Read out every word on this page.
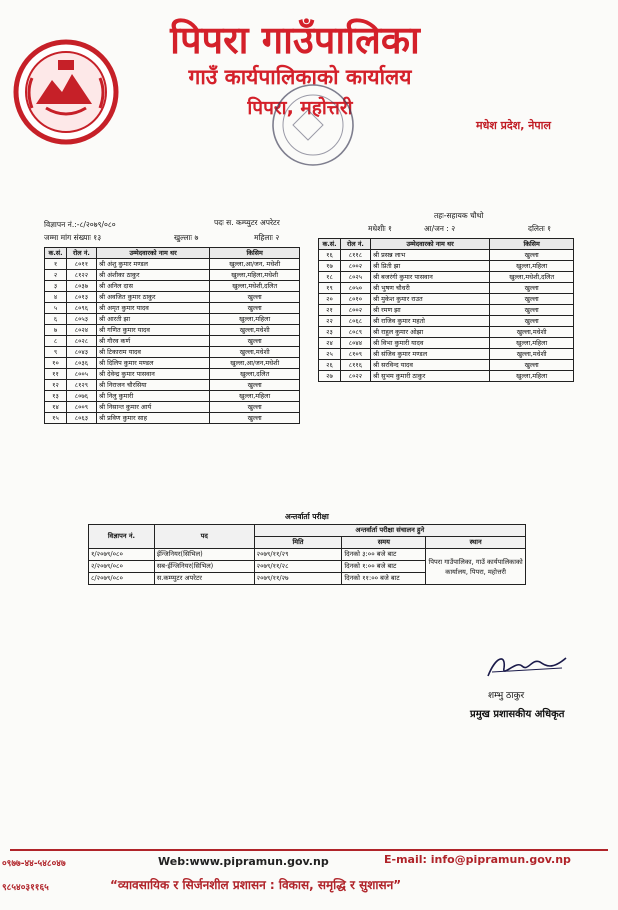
पिपरा गाउँपालिका
गाउँ कार्यपालिकाको कार्यालय
पिपरा, महोत्तरी
मधेश प्रदेश, नेपाल
विज्ञापन नं.:-८/२०७९/०८०	पदः स. कम्प्युटर अपरेटर
जम्मा मांग संख्याः १३	खुल्लाः ७	महिलाः २
तहः-सहायक चौथो
मधेशीः १	आ/जन : २	दलितः १
क.सं.	रोल नं.	उम्मेदवारको नाम थर	किसिम
१	८०११	श्री अंशु कुमार मण्डल	खुल्ला,आ/जन, मधेशी
२	८१२२	श्री अंशीका ठाकुर	खुल्ला,महिला,मधेशी
३	८०३७	श्री अनिल दास	खुल्ला,मधेशी,दलित
४	८०१३	श्री अवजित कुमार ठाकुर	खुल्ला
५	८०९६	श्री अमृत कुमार यादव	खुल्ला
६	८०५३	श्री आरती झा	खुल्ला,महिला
७	८०२४	श्री गणित कुमार यादव	खुल्ला,मधेशी
८	८०२८	श्री गौरव कर्ण	खुल्ला
९	८०४३	श्री टिकाराम यादव	खुल्ला,मधेशी
१०	८०३६	श्री दिलिप कुमार मण्डल	खुल्ला,आ/जन,मधेशी
११	८००५	श्री देवेन्द्र कुमार पासवान	खुल्ला,दलित
१२	८१२९	श्री निराजन चौरसिया	खुल्ला
१३	८०७६	श्री निलु कुमारी	खुल्ला,महिला
१४	८००९	श्री निसान्त कुमार आर्य	खुल्ला
१५	८०६३	श्री प्रविण कुमार साह	खुल्ला
क.सं.	रोल नं.	उम्मेदवारको नाम थर	किसिम
१६	८११८	श्री प्रसन्न लाभ	खुल्ला
१७	८००२	श्री प्रिती झा	खुल्ला,महिला
१८	८०२५	श्री बजरंगी कुमार पासवान	खुल्ला,मधेशी,दलित
१९	८०५०	श्री भुषण चौधरी	खुल्ला
२०	८०१०	श्री मुकेश कुमार राउत	खुल्ला
२१	८००२	श्री रमण झा	खुल्ला
२२	८०६८	श्री राजिव कुमार महतो	खुल्ला
२३	८०८९	श्री राहुल कुमार ओझा	खुल्ला,मधेशी
२४	८०४४	श्री विभा कुमारी यादव	खुल्ला,महिला
२५	८१०९	श्री संजिव कुमार मण्डल	खुल्ला,मधेशी
२६	८११६	श्री सरविन्द यादव	खुल्ला
२७	८०२२	श्री सुभम कुमारी ठाकुर	खुल्ला,महिला
अन्तर्वार्ता परीक्षा
विज्ञापन नं.	पद	अन्तर्वार्ता परीक्षा संचालन हुने		
		मिति	समय	स्थान
१/२०७९/०८०	ईन्जिनियर(सिभिल)	२०७९/११/२९	दिनको ३:०० बजे बाट	पिपरा गाउँपालिका, गाउँ कार्यपालिकाको कार्यालय, पिपरा, महोत्तरी
२/२०७९/०८०	सब-ईन्जिनियर(सिभिल)	२०७९/११/२८	दिनको १:०० बजे बाट	
८/२०७९/०८०	स.कम्प्युटर अपरेटर	२०७९/११/२७	दिनको ११:०० बजे बाट	
शम्भु ठाकुर
प्रमुख प्रशासकीय अधिकृत
०९७७-४४-५४८०४७	Web:www.pipramun.gov.np	E-mail: info@pipramun.gov.np
९८५४०३११६५	“व्यावसायिक र सिर्जनशील प्रशासन : विकास, समृद्धि र सुशासन”
